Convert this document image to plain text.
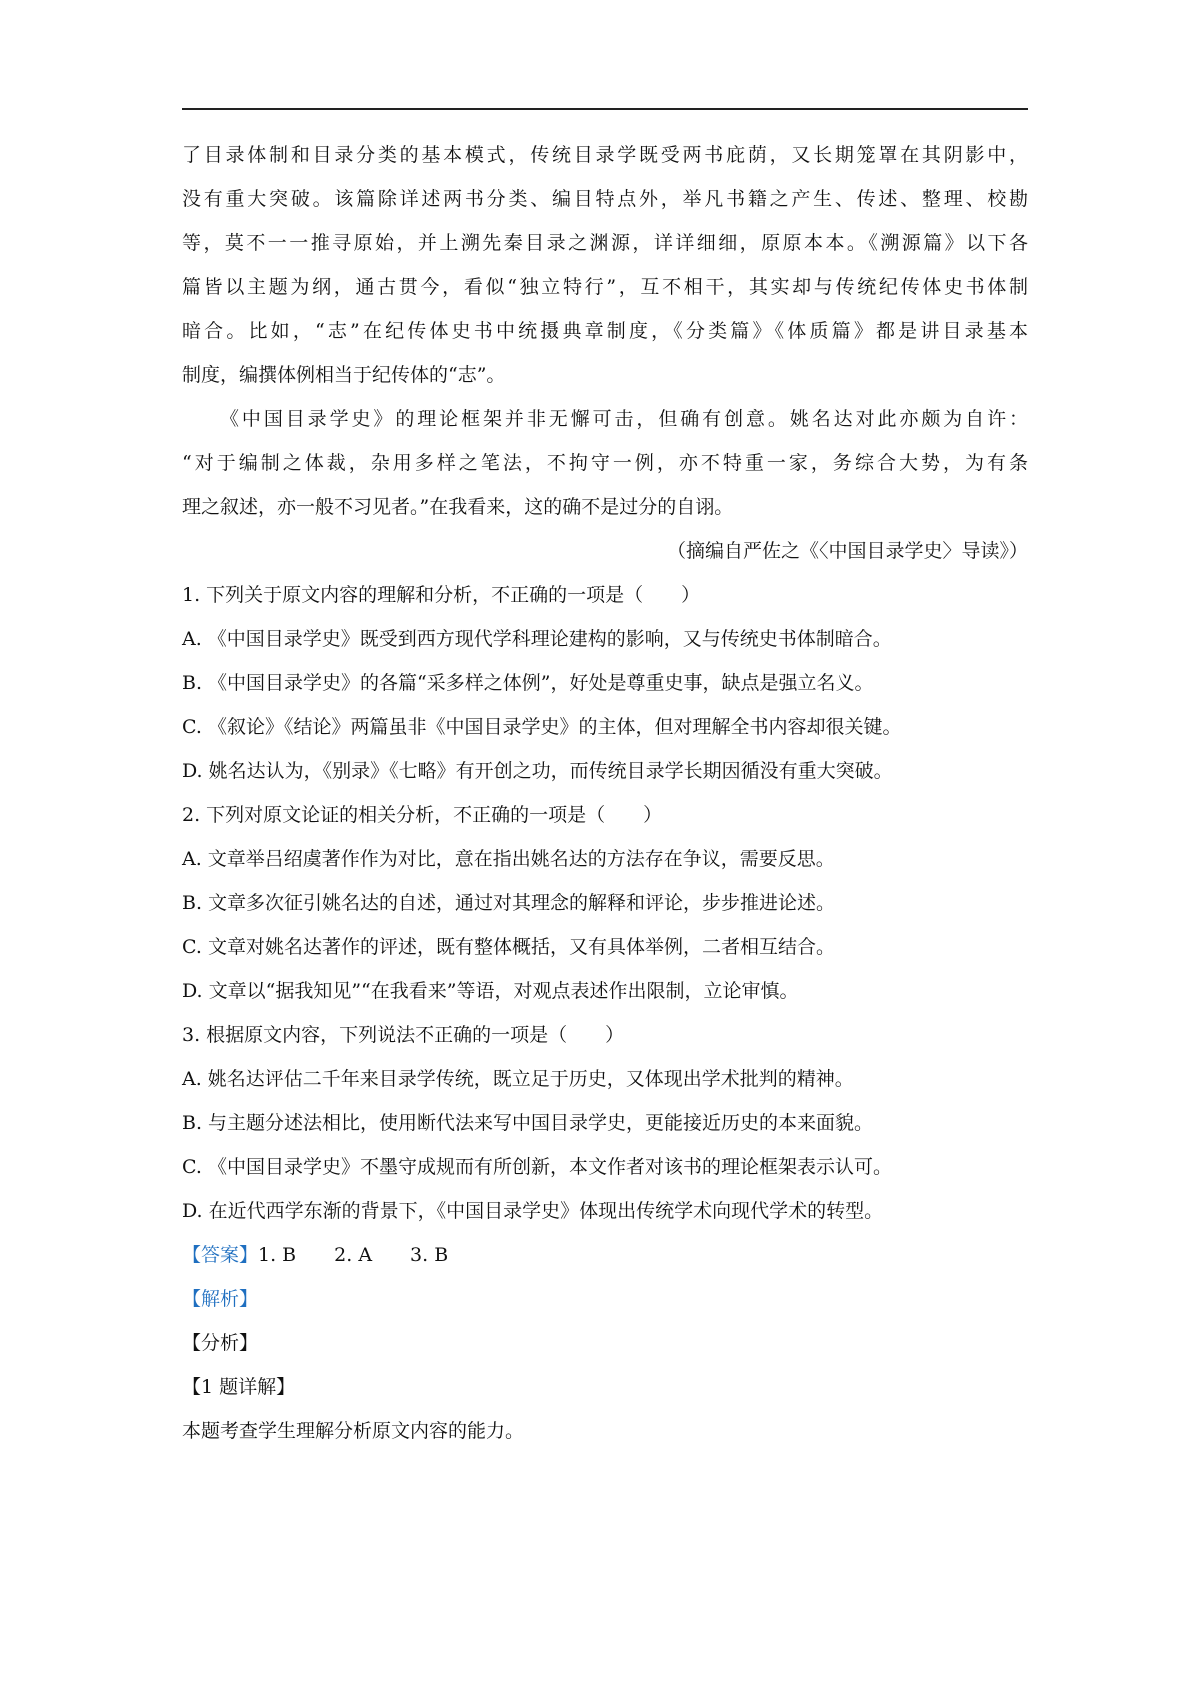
了目录体制和目录分类的基本模式，传统目录学既受两书庇荫，又长期笼罩在其阴影中，
没有重大突破。该篇除详述两书分类、编目特点外，举凡书籍之产生、传述、整理、校勘
等，莫不一一推寻原始，并上溯先秦目录之渊源，详详细细，原原本本。《溯源篇》以下各
篇皆以主题为纲，通古贯今，看似“独立特行”，互不相干，其实却与传统纪传体史书体制
暗合。比如，“志”在纪传体史书中统摄典章制度，《分类篇》《体质篇》都是讲目录基本
制度，编撰体例相当于纪传体的“志”。
《中国目录学史》的理论框架并非无懈可击，但确有创意。姚名达对此亦颇为自许：
“对于编制之体裁，杂用多样之笔法，不拘守一例，亦不特重一家，务综合大势，为有条
理之叙述，亦一般不习见者。”在我看来，这的确不是过分的自诩。
（摘编自严佐之《〈中国目录学史〉导读》）
1. 下列关于原文内容的理解和分析，不正确的一项是（　　）
A. 《中国目录学史》既受到西方现代学科理论建构的影响，又与传统史书体制暗合。
B. 《中国目录学史》的各篇“采多样之体例”，好处是尊重史事，缺点是强立名义。
C. 《叙论》《结论》两篇虽非《中国目录学史》的主体，但对理解全书内容却很关键。
D. 姚名达认为，《别录》《七略》有开创之功，而传统目录学长期因循没有重大突破。
2. 下列对原文论证的相关分析，不正确的一项是（　　）
A. 文章举吕绍虞著作作为对比，意在指出姚名达的方法存在争议，需要反思。
B. 文章多次征引姚名达的自述，通过对其理念的解释和评论，步步推进论述。
C. 文章对姚名达著作的评述，既有整体概括，又有具体举例，二者相互结合。
D. 文章以“据我知见”“在我看来”等语，对观点表述作出限制，立论审慎。
3. 根据原文内容，下列说法不正确的一项是（　　）
A. 姚名达评估二千年来目录学传统，既立足于历史，又体现出学术批判的精神。
B. 与主题分述法相比，使用断代法来写中国目录学史，更能接近历史的本来面貌。
C. 《中国目录学史》不墨守成规而有所创新，本文作者对该书的理论框架表示认可。
D. 在近代西学东渐的背景下，《中国目录学史》体现出传统学术向现代学术的转型。
【答案】1. B　　2. A　　3. B
【解析】
【分析】
【1 题详解】
本题考查学生理解分析原文内容的能力。
